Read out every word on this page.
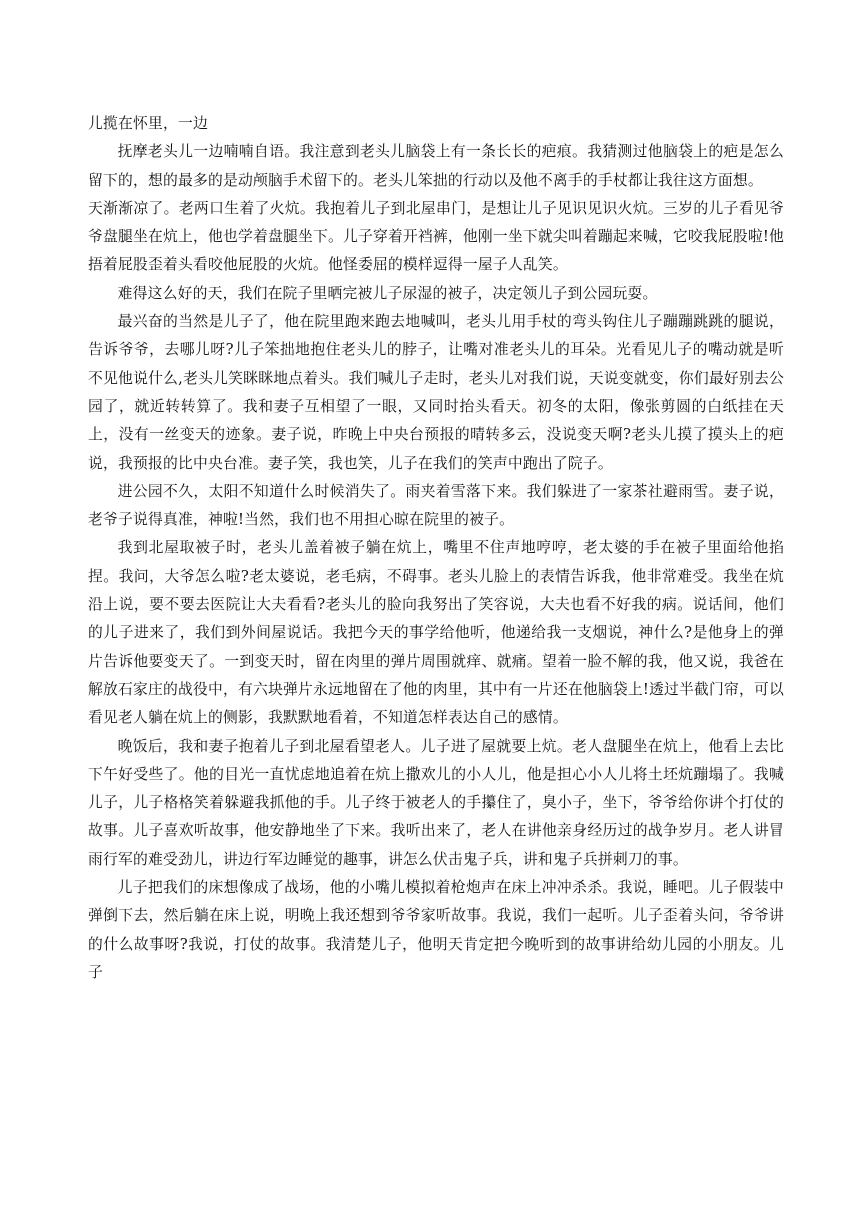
儿揽在怀里，一边

抚摩老头儿一边喃喃自语。我注意到老头儿脑袋上有一条长长的疤痕。我猜测过他脑袋上的疤是怎么留下的，想的最多的是动颅脑手术留下的。老头儿笨拙的行动以及他不离手的手杖都让我往这方面想。

天渐渐凉了。老两口生着了火炕。我抱着儿子到北屋串门，是想让儿子见识见识火炕。三岁的儿子看见爷爷盘腿坐在炕上，他也学着盘腿坐下。儿子穿着开裆裤，他刚一坐下就尖叫着蹦起来喊，它咬我屁股啦!他捂着屁股歪着头看咬他屁股的火炕。他怪委屈的模样逗得一屋子人乱笑。

难得这么好的天，我们在院子里晒完被儿子尿湿的被子，决定领儿子到公园玩耍。

最兴奋的当然是儿子了，他在院里跑来跑去地喊叫，老头儿用手杖的弯头钩住儿子蹦蹦跳跳的腿说，告诉爷爷，去哪儿呀?儿子笨拙地抱住老头儿的脖子，让嘴对准老头儿的耳朵。光看见儿子的嘴动就是听不见他说什么,老头儿笑眯眯地点着头。我们喊儿子走时，老头儿对我们说，天说变就变，你们最好别去公园了，就近转转算了。我和妻子互相望了一眼，又同时抬头看天。初冬的太阳，像张剪圆的白纸挂在天上，没有一丝变天的迹象。妻子说，昨晚上中央台预报的晴转多云，没说变天啊?老头儿摸了摸头上的疤说，我预报的比中央台准。妻子笑，我也笑，儿子在我们的笑声中跑出了院子。

进公园不久，太阳不知道什么时候消失了。雨夹着雪落下来。我们躲进了一家茶社避雨雪。妻子说，老爷子说得真准，神啦!当然，我们也不用担心晾在院里的被子。

我到北屋取被子时，老头儿盖着被子躺在炕上，嘴里不住声地哼哼，老太婆的手在被子里面给他掐捏。我问，大爷怎么啦?老太婆说，老毛病，不碍事。老头儿脸上的表情告诉我，他非常难受。我坐在炕沿上说，要不要去医院让大夫看看?老头儿的脸向我努出了笑容说，大夫也看不好我的病。说话间，他们的儿子进来了，我们到外间屋说话。我把今天的事学给他听，他递给我一支烟说，神什么?是他身上的弹片告诉他要变天了。一到变天时，留在肉里的弹片周围就痒、就痛。望着一脸不解的我，他又说，我爸在解放石家庄的战役中，有六块弹片永远地留在了他的肉里，其中有一片还在他脑袋上!透过半截门帘，可以看见老人躺在炕上的侧影，我默默地看着，不知道怎样表达自己的感情。

晚饭后，我和妻子抱着儿子到北屋看望老人。儿子进了屋就要上炕。老人盘腿坐在炕上，他看上去比下午好受些了。他的目光一直忧虑地追着在炕上撒欢儿的小人儿，他是担心小人儿将土坯炕蹦塌了。我喊儿子，儿子格格笑着躲避我抓他的手。儿子终于被老人的手攥住了，臭小子，坐下，爷爷给你讲个打仗的故事。儿子喜欢听故事，他安静地坐了下来。我听出来了，老人在讲他亲身经历过的战争岁月。老人讲冒雨行军的难受劲儿，讲边行军边睡觉的趣事，讲怎么伏击鬼子兵，讲和鬼子兵拼刺刀的事。

儿子把我们的床想像成了战场，他的小嘴儿模拟着枪炮声在床上冲冲杀杀。我说，睡吧。儿子假装中弹倒下去，然后躺在床上说，明晚上我还想到爷爷家听故事。我说，我们一起听。儿子歪着头问，爷爷讲的什么故事呀?我说，打仗的故事。我清楚儿子，他明天肯定把今晚听到的故事讲给幼儿园的小朋友。儿子
